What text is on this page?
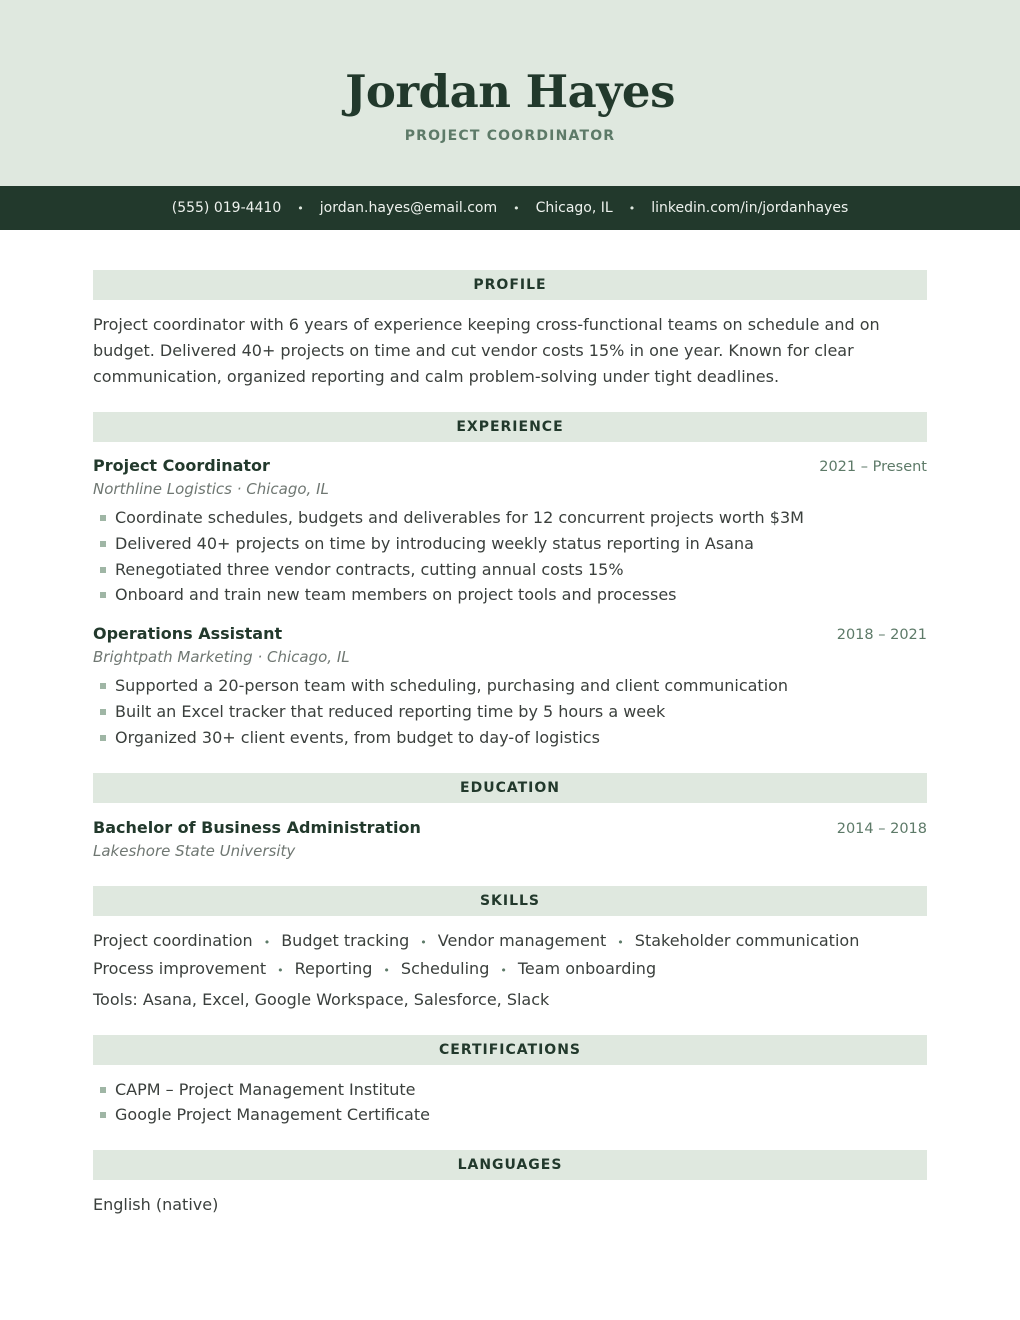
Jordan Hayes
PROJECT COORDINATOR
(555) 019-4410 • jordan.hayes@email.com • Chicago, IL • linkedin.com/in/jordanhayes
PROFILE
Project coordinator with 6 years of experience keeping cross-functional teams on schedule and on budget. Delivered 40+ projects on time and cut vendor costs 15% in one year. Known for clear communication, organized reporting and calm problem-solving under tight deadlines.
EXPERIENCE
Project Coordinator	2021 – Present
Northline Logistics · Chicago, IL
Coordinate schedules, budgets and deliverables for 12 concurrent projects worth $3M
Delivered 40+ projects on time by introducing weekly status reporting in Asana
Renegotiated three vendor contracts, cutting annual costs 15%
Onboard and train new team members on project tools and processes
Operations Assistant	2018 – 2021
Brightpath Marketing · Chicago, IL
Supported a 20-person team with scheduling, purchasing and client communication
Built an Excel tracker that reduced reporting time by 5 hours a week
Organized 30+ client events, from budget to day-of logistics
EDUCATION
Bachelor of Business Administration	2014 – 2018
Lakeshore State University
SKILLS
Project coordination • Budget tracking • Vendor management • Stakeholder communication
Process improvement • Reporting • Scheduling • Team onboarding
Tools: Asana, Excel, Google Workspace, Salesforce, Slack
CERTIFICATIONS
CAPM – Project Management Institute
Google Project Management Certificate
LANGUAGES
English (native)
